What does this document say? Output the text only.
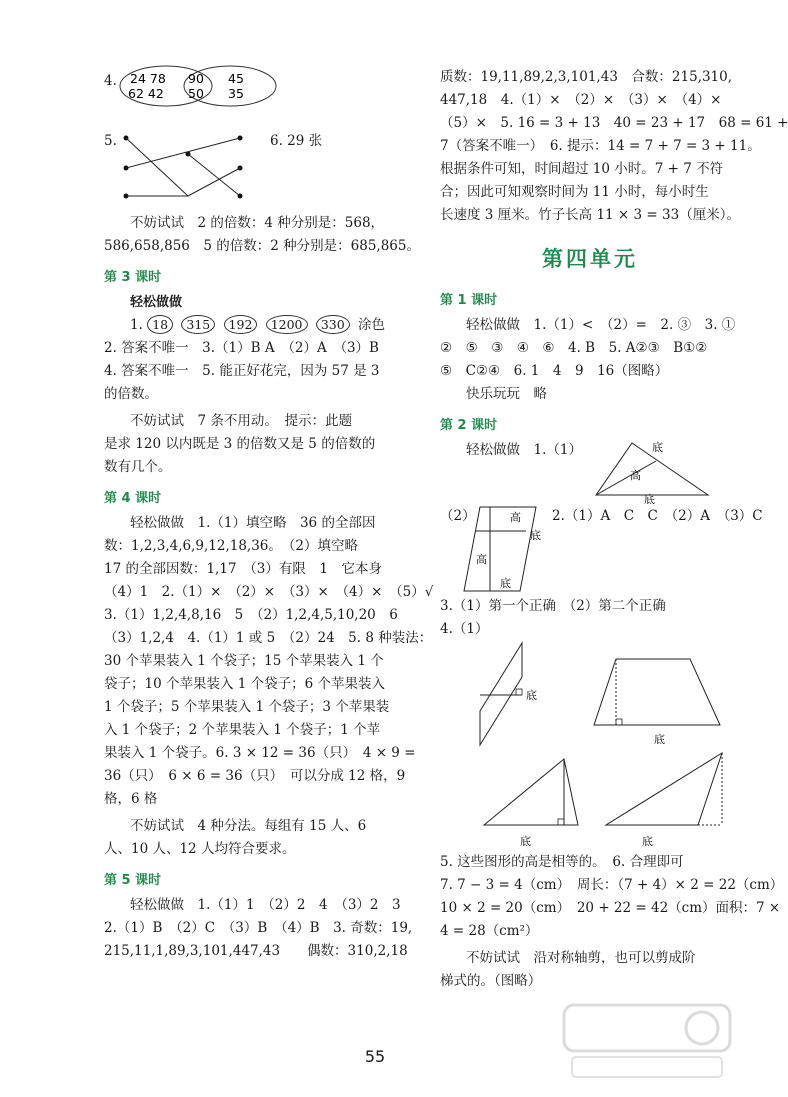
4. 24 78
62 42
90
50
45
35
5.	6. 29 张

不妨试试　2 的倍数：4 种分别是：568，

586,658,856　5 的倍数：2 种分别是：685,865。

第 3 课时

轻松做做

1. 18 315 192 1200 330 涂色

2. 答案不唯一　3.（1）B A　（2）A　（3）B

4. 答案不唯一　5. 能正好花完，因为 57 是 3

的倍数。

不妨试试　7 条不用动。　提示：此题

是求 120 以内既是 3 的倍数又是 5 的倍数的

数有几个。

第 4 课时

轻松做做　1.（1）填空略　36 的全部因

数：1,2,3,4,6,9,12,18,36。　（2）填空略

17 的全部因数：1,17　（3）有限　1　它本身

（4）1　2.（1）×　（2）×　（3）×　（4）×　（5）√

3.（1）1,2,4,8,16　5　（2）1,2,4,5,10,20　6

（3）1,2,4　4.（1）1 或 5　（2）24　5. 8 种装法：

30 个苹果装入 1 个袋子；15 个苹果装入 1 个

袋子；10 个苹果装入 1 个袋子；6 个苹果装入

1 个袋子；5 个苹果装入 1 个袋子；3 个苹果装

入 1 个袋子；2 个苹果装入 1 个袋子；1 个苹

果装入 1 个袋子。6. 3 × 12 = 36（只）　4 × 9 =

36（只）　6 × 6 = 36（只）　可以分成 12 格，9

格，6 格

不妨试试　4 种分法。每组有 15 人、6

人、10 人、12 人均符合要求。

第 5 课时

轻松做做　1.（1）1　（2）2　4　（3）2　3

2.（1）B　（2）C　（3）B　（4）B　3. 奇数：19,

215,11,1,89,3,101,447,43　　偶数：310,2,18

质数：19,11,89,2,3,101,43　合数：215,310,

447,18　4.（1）×　（2）×　（3）×　（4）×

（5）×　5. 16 = 3 + 13　40 = 23 + 17　68 = 61 +

7（答案不唯一）　6. 提示：14 = 7 + 7 = 3 + 11。

根据条件可知，时间超过 10 小时。7 + 7 不符

合；因此可知观察时间为 11 小时，每小时生

长速度 3 厘米。竹子长高 11 × 3 = 33（厘米）。

第四单元
第 1 课时

轻松做做　1.（1）<　（2）=　2. ③　3. ①

②　⑤　③　④　⑥　4. B　5. A②③　B①②

⑤　C②④　6. 1　4　9　16（图略）

快乐玩玩　略

第 2 课时
轻松做做　1.（1）	底
高
底
（2）	高
高
底
底
2.（1）A　C　C　（2）A　（3）C

3.（1）第一个正确　（2）第二个正确

4.（1）

底
底
底	底

5. 这些图形的高是相等的。　6. 合理即可

7. 7 − 3 = 4（cm）　周长：（7 + 4）× 2 = 22（cm）

10 × 2 = 20（cm）　20 + 22 = 42（cm）面积：7 ×

4 = 28（cm²）

不妨试试　沿对称轴剪，也可以剪成阶

梯式的。（图略）

55
